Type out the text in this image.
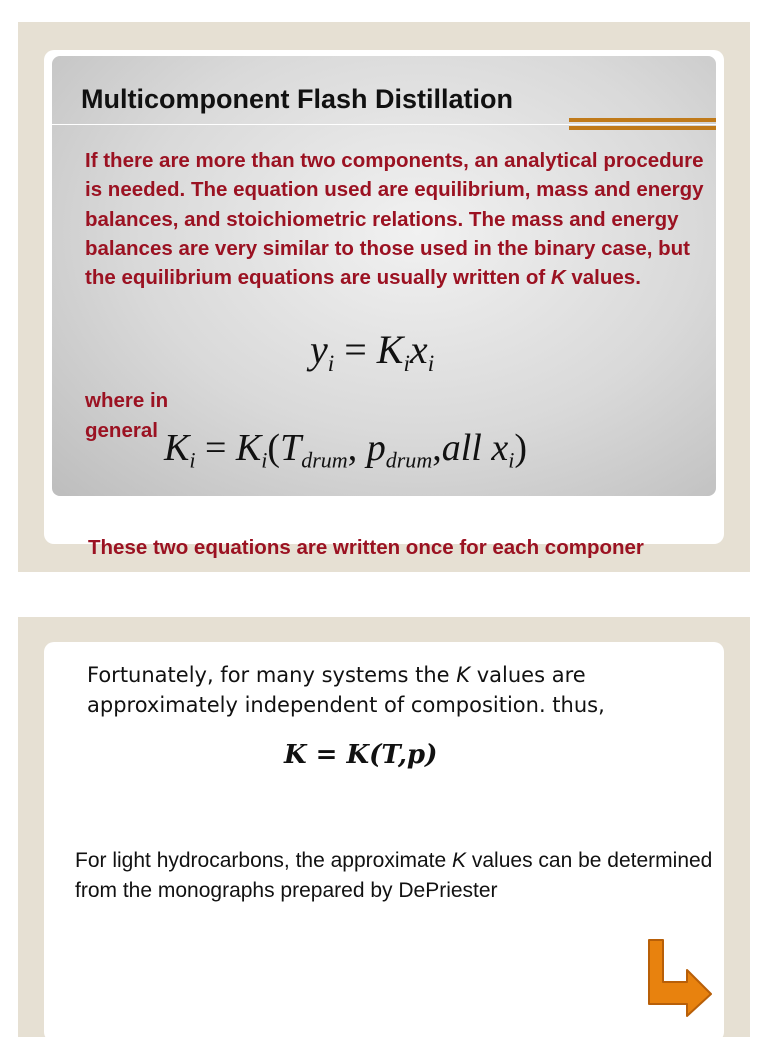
Multicomponent Flash Distillation

If there are more than two components, an analytical procedure is needed. The equation used are equilibrium, mass and energy balances, and stoichiometric relations. The mass and energy balances are very similar to those used in the binary case, but the equilibrium equations are usually written of K values.

$y_i = K_ix_i$

where in general $K_i = K_i(T_{drum}$, $p_{drum},all$ $x_i$)

These two equations are written once for each componer

Fortunately, for many systems the K values are approximately independent of composition. thus,

K = K(T,p)

For light hydrocarbons, the approximate K values can be determined from the monographs prepared by DePriester
